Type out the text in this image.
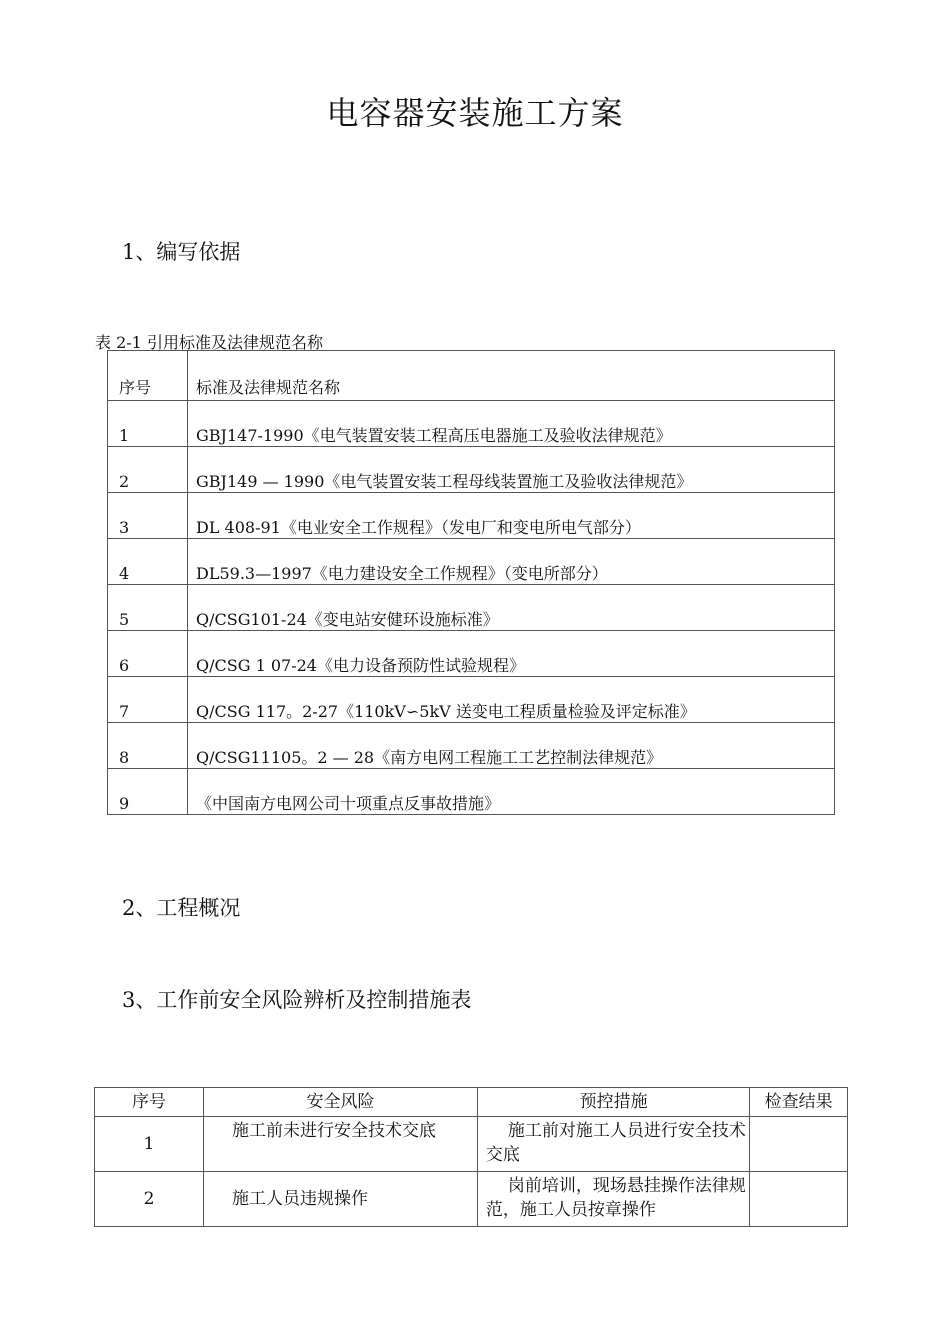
电容器安装施工方案
1、编写依据
表 2-1 引用标准及法律规范名称
序号	标准及法律规范名称
1	GBJ147-1990《电气装置安装工程高压电器施工及验收法律规范》
2	GBJ149 — 1990《电气装置安装工程母线装置施工及验收法律规范》
3	DL 408-91《电业安全工作规程》（发电厂和变电所电气部分）
4	DL59.3—1997《电力建设安全工作规程》（变电所部分）
5	Q/CSG101-24《变电站安健环设施标准》
6	Q/CSG 1 07-24《电力设备预防性试验规程》
7	Q/CSG 117。2-27《110kV∽5kV 送变电工程质量检验及评定标准》
8	Q/CSG11105。2 — 28《南方电网工程施工工艺控制法律规范》
9	《中国南方电网公司十项重点反事故措施》
2、工程概况
3、工作前安全风险辨析及控制措施表
序号	安全风险	预控措施	检查结果
1	施工前未进行安全技术交底	施工前对施工人员进行安全技术交底	
2	施工人员违规操作	岗前培训，现场悬挂操作法律规范，施工人员按章操作	
